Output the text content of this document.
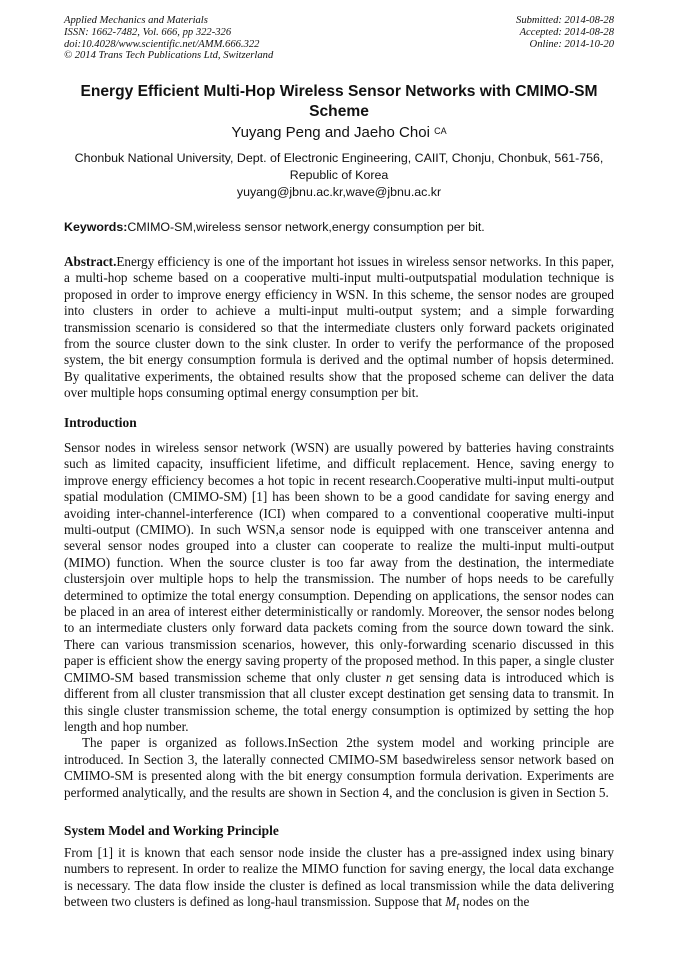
Applied Mechanics and Materials
ISSN: 1662-7482, Vol. 666, pp 322-326
doi:10.4028/www.scientific.net/AMM.666.322
© 2014 Trans Tech Publications Ltd, Switzerland
Submitted: 2014-08-28
Accepted: 2014-08-28
Online: 2014-10-20
Energy Efficient Multi-Hop Wireless Sensor Networks with CMIMO-SM Scheme
Yuyang Peng and Jaeho Choi $^{CA}$
Chonbuk National University, Dept. of Electronic Engineering, CAIIT, Chonju, Chonbuk, 561-756, Republic of Korea
yuyang@jbnu.ac.kr,wave@jbnu.ac.kr
Keywords:CMIMO-SM,wireless sensor network,energy consumption per bit.
Abstract.Energy efficiency is one of the important hot issues in wireless sensor networks. In this paper, a multi-hop scheme based on a cooperative multi-input multi-outputspatial modulation technique is proposed in order to improve energy efficiency in WSN. In this scheme, the sensor nodes are grouped into clusters in order to achieve a multi-input multi-output system; and a simple forwarding transmission scenario is considered so that the intermediate clusters only forward packets originated from the source cluster down to the sink cluster. In order to verify the performance of the proposed system, the bit energy consumption formula is derived and the optimal number of hopsis determined. By qualitative experiments, the obtained results show that the proposed scheme can deliver the data over multiple hops consuming optimal energy consumption per bit.
Introduction

Sensor nodes in wireless sensor network (WSN) are usually powered by batteries having constraints such as limited capacity, insufficient lifetime, and difficult replacement. Hence, saving energy to improve energy efficiency becomes a hot topic in recent research.Cooperative multi-input multi-output spatial modulation (CMIMO-SM) [1] has been shown to be a good candidate for saving energy and avoiding inter-channel-interference (ICI) when compared to a conventional cooperative multi-input multi-output (CMIMO). In such WSN,a sensor node is equipped with one transceiver antenna and several sensor nodes grouped into a cluster can cooperate to realize the multi-input multi-output (MIMO) function. When the source cluster is too far away from the destination, the intermediate clustersjoin over multiple hops to help the transmission. The number of hops needs to be carefully determined to optimize the total energy consumption. Depending on applications, the sensor nodes can be placed in an area of interest either deterministically or randomly. Moreover, the sensor nodes belong to an intermediate clusters only forward data packets coming from the source down toward the sink. There can various transmission scenarios, however, this only-forwarding scenario discussed in this paper is efficient show the energy saving property of the proposed method. In this paper, a single cluster CMIMO-SM based transmission scheme that only cluster n get sensing data is introduced which is different from all cluster transmission that all cluster except destination get sensing data to transmit. In this single cluster transmission scheme, the total energy consumption is optimized by setting the hop length and hop number.

The paper is organized as follows.InSection 2the system model and working principle are introduced. In Section 3, the laterally connected CMIMO-SM basedwireless sensor network based on CMIMO-SM is presented along with the bit energy consumption formula derivation. Experiments are performed analytically, and the results are shown in Section 4, and the conclusion is given in Section 5.

System Model and Working Principle

From [1] it is known that each sensor node inside the cluster has a pre-assigned index using binary numbers to represent. In order to realize the MIMO function for saving energy, the local data exchange is necessary. The data flow inside the cluster is defined as local transmission while the data delivering between two clusters is defined as long-haul transmission. Suppose that $M_t$ nodes on the
